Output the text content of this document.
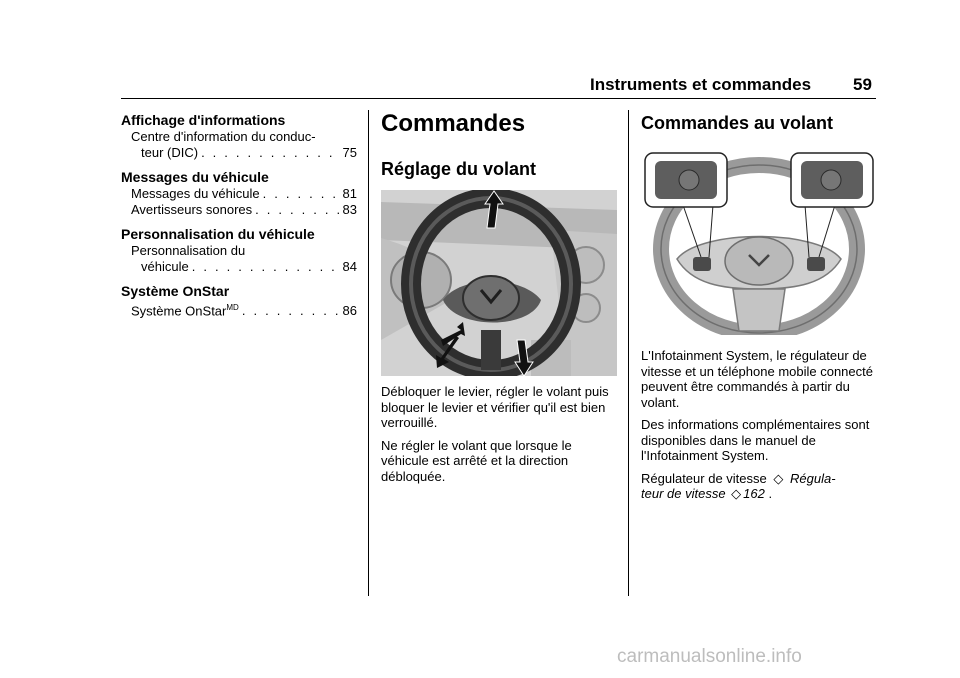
Instruments et commandes 59
Affichage d'informations
Centre d'information du conduc-
teur (DIC) . . .	75
Messages du véhicule
Messages du véhicule . . .	81
Avertisseurs sonores . . .	83
Personnalisation du véhicule
Personnalisation du
véhicule . . .	84
Système OnStar
Système OnStar$^{MD}$ . . .	86
Commandes
Réglage du volant

Débloquer le levier, régler le volant puis bloquer le levier et vérifier qu'il est bien verrouillé.

Ne régler le volant que lorsque le véhicule est arrêté et la direction débloquée.

Commandes au volant

L'Infotainment System, le régulateur de vitesse et un téléphone mobile connecté peuvent être commandés à partir du volant.

Des informations complémentaires sont disponibles dans le manuel de l'Infotainment System.

Régulateur de vitesse ◇ Régula-
teur de vitesse ◇ 162 .

carmanualsonline.info
